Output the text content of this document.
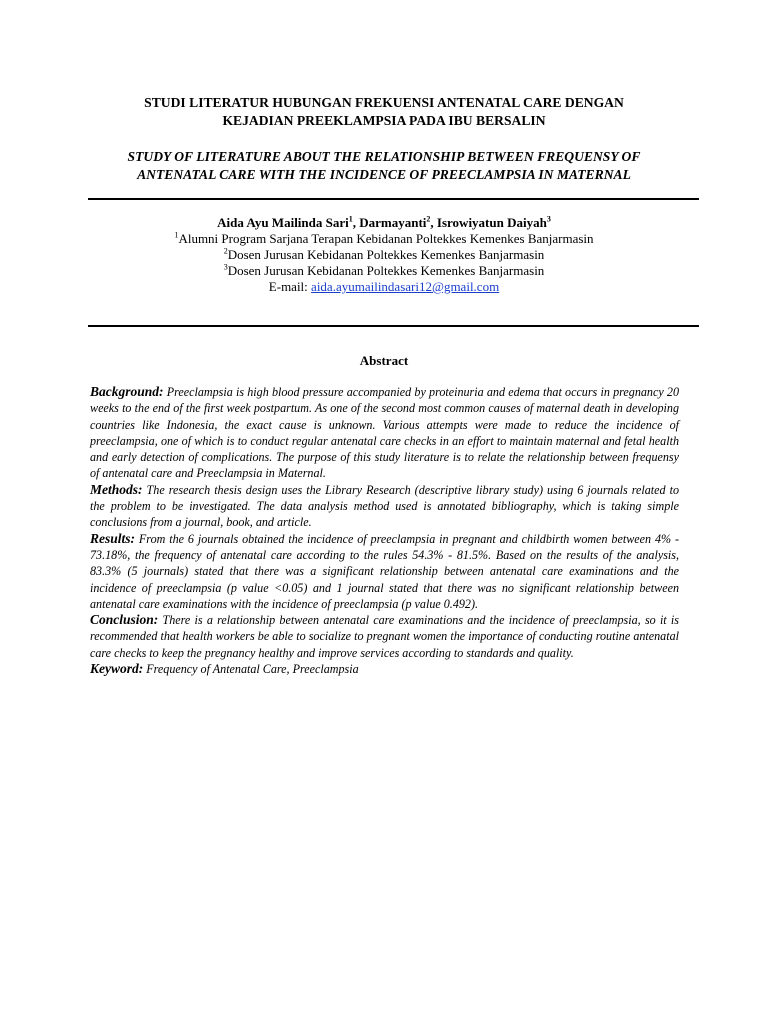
STUDI LITERATUR HUBUNGAN FREKUENSI ANTENATAL CARE DENGAN
KEJADIAN PREEKLAMPSIA PADA IBU BERSALIN
STUDY OF LITERATURE ABOUT THE RELATIONSHIP BETWEEN FREQUENSY OF
ANTENATAL CARE WITH THE INCIDENCE OF PREECLAMPSIA IN MATERNAL
Aida Ayu Mailinda Sari$^1$, Darmayanti$^2$, Isrowiyatun Daiyah$^3$
$^1$Alumni Program Sarjana Terapan Kebidanan Poltekkes Kemenkes Banjarmasin
$^2$Dosen Jurusan Kebidanan Poltekkes Kemenkes Banjarmasin
$^3$Dosen Jurusan Kebidanan Poltekkes Kemenkes Banjarmasin
E-mail: aida.ayumailindasari12@gmail.com
Abstract

Background: Preeclampsia is high blood pressure accompanied by proteinuria and edema that occurs in pregnancy 20 weeks to the end of the first week postpartum. As one of the second most common causes of maternal death in developing countries like Indonesia, the exact cause is unknown. Various attempts were made to reduce the incidence of preeclampsia, one of which is to conduct regular antenatal care checks in an effort to maintain maternal and fetal health and early detection of complications. The purpose of this study literature is to relate the relationship between frequensy of antenatal care and Preeclampsia in Maternal.

Methods: The research thesis design uses the Library Research (descriptive library study) using 6 journals related to the problem to be investigated. The data analysis method used is annotated bibliography, which is taking simple conclusions from a journal, book, and article.

Results: From the 6 journals obtained the incidence of preeclampsia in pregnant and childbirth women between 4% - 73.18%, the frequency of antenatal care according to the rules 54.3% - 81.5%. Based on the results of the analysis, 83.3% (5 journals) stated that there was a significant relationship between antenatal care examinations and the incidence of preeclampsia (p value <0.05) and 1 journal stated that there was no significant relationship between antenatal care examinations with the incidence of preeclampsia (p value 0.492).

Conclusion: There is a relationship between antenatal care examinations and the incidence of preeclampsia, so it is recommended that health workers be able to socialize to pregnant women the importance of conducting routine antenatal care checks to keep the pregnancy healthy and improve services according to standards and quality.

Keyword: Frequency of Antenatal Care, Preeclampsia
